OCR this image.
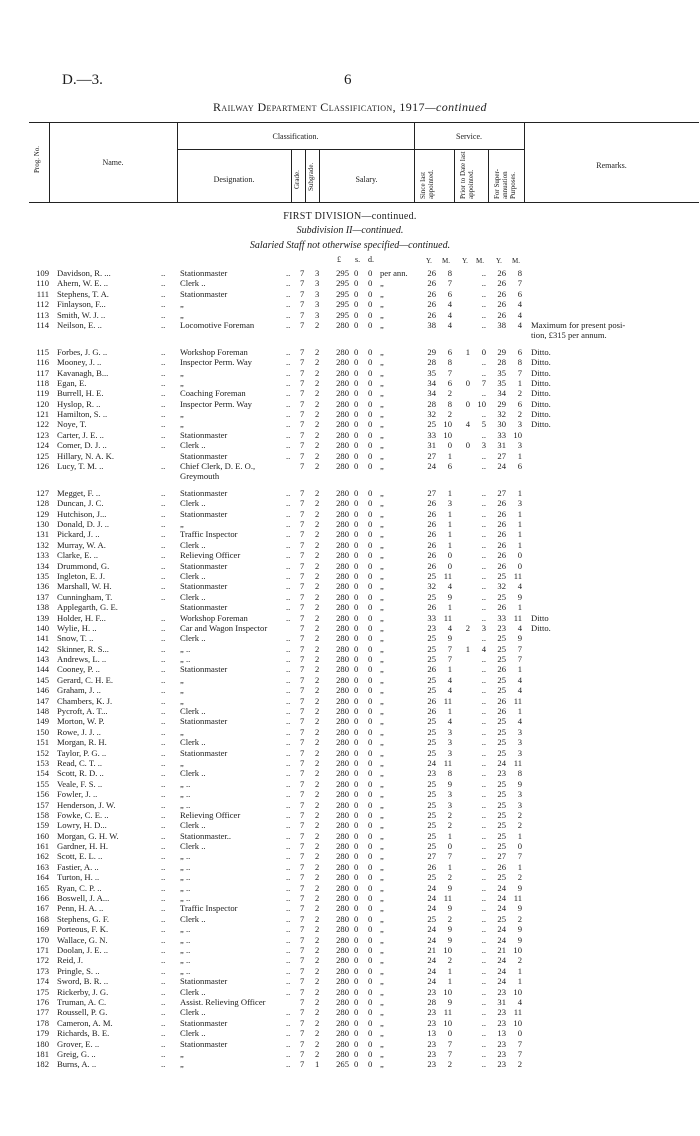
D.—3.	6
Railway Department Classification, 1917—continued
Prog. No.	Name.
Classification.	Service.
Designation.	Grade. Subgrade.	Salary.	Since last appointed.	Prior to Date last appointed.	For Super-annuation Purposes.
Remarks.
FIRST DIVISION—continued.
Subdivision II—continued.
Salaried Staff not otherwise specified—continued.
£ s. d.	Y. M. Y. M. Y. M.
109 Davidson, R. ...	.. Stationmaster	.. 7 3	295 0 0 per ann.	26	8	..	26	8
110 Ahern, W. E. ..	.. Clerk ..	.. 7 3	295 0 0 „	26	7	..	26	7
111 Stephens, T. A.	.. Stationmaster	.. 7 3	295 0 0 „	26	6	..	26	6
112 Finlayson, F...	.. „	.. 7 3	295 0 0 „	26	4	..	26	4
113 Smith, W. J. ..	.. „	.. 7 3	295 0 0 „	26	4	..	26	4
114 Neilson, E. ..	.. Locomotive Foreman	.. 7 2	280 0 0 „	38	4	..	38	4 Maximum for present posi-
tion, £315 per annum.
115 Forbes, J. G. ..	.. Workshop Foreman	.. 7 2	280 0 0 „	29	6	1	0	29	6 Ditto.
116 Mooney, J. ..	.. Inspector Perm. Way	.. 7 2	280 0 0 „	28	8	..	28	8 Ditto.
117 Kavanagh, B...	.. „	.. 7 2	280 0 0 „	35	7	..	35	7 Ditto.
118 Egan, E.	.. „	.. 7 2	280 0 0 „	34	6	0	7	35	1 Ditto.
119 Burrell, H. E.	.. Coaching Foreman	.. 7 2	280 0 0 „	34	2	..	34	2 Ditto.
120 Hyslop, R. ..	.. Inspector Perm. Way	.. 7 2	280 0 0 „	28	8	0 10	29	6 Ditto.
121 Hamilton, S. ..	.. „	.. 7 2	280 0 0 „	32	2	..	32	2 Ditto.
122 Noye, T.	.. „	.. 7 2	280 0 0 „	25 10	4	5	30	3 Ditto.
123 Carter, J. E. ..	.. Stationmaster	.. 7 2	280 0 0 „	33 10	..	33 10
124 Comer, D. J. ..	.. Clerk ..	.. 7 2	280 0 0 „	31	0	0	3	31	3
125 Hillary, N. A. K.	Stationmaster	.. 7 2	280 0 0 „	27	1	..	27	1
126 Lucy, T. M. ..	.. Chief Clerk, D. E. O.,	7 2	280 0 0 „	24	6	..	24	6
Greymouth
127 Megget, F. ..	.. Stationmaster	.. 7 2	280 0 0 „	27	1	..	27	1
128 Duncan, J. C.	.. Clerk ..	.. 7 2	280 0 0 „	26	3	..	26	3
129 Hutchison, J...	.. Stationmaster	.. 7 2	280 0 0 „	26	1	..	26	1
130 Donald, D. J. ..	.. „	.. 7 2	280 0 0 „	26	1	..	26	1
131 Pickard, J. ..	.. Traffic Inspector	.. 7 2	280 0 0 „	26	1	..	26	1
132 Murray, W. A.	.. Clerk ..	.. 7 2	280 0 0 „	26	1	..	26	1
133 Clarke, E. ..	.. Relieving Officer	.. 7 2	280 0 0 „	26	0	..	26	0
134 Drummond, G.	.. Stationmaster	.. 7 2	280 0 0 „	26	0	..	26	0
135 Ingleton, E. J.	.. Clerk ..	.. 7 2	280 0 0 „	25 11	..	25 11
136 Marshall, W. H.	.. Stationmaster	.. 7 2	280 0 0 „	32	4	..	32	4
137 Cunningham, T.	.. Clerk ..	.. 7 2	280 0 0 „	25	9	..	25	9
138 Applegarth, G. E.	Stationmaster	.. 7 2	280 0 0 „	26	1	..	26	1
139 Holder, H. F...	.. Workshop Foreman	.. 7 2	280 0 0 „	33 11	..	33 11 Ditto
140 Wylie, H. ..	.. Car and Wagon Inspector	7 2	280 0 0 „	23	4	2	3	23	4 Ditto.
141 Snow, T. ..	.. Clerk ..	.. 7 2	280 0 0 „	25	9	..	25	9
142 Skinner, R. S...	.. „ ..	.. 7 2	280 0 0 „	25	7	1	4	25	7
143 Andrews, L. ..	.. „ ..	.. 7 2	280 0 0 „	25	7	..	25	7
144 Cooney, P. ..	.. Stationmaster	.. 7 2	280 0 0 „	26	1	..	26	1
145 Gerard, C. H. E.	.. „	.. 7 2	280 0 0 „	25	4	..	25	4
146 Graham, J. ..	.. „	.. 7 2	280 0 0 „	25	4	..	25	4
147 Chambers, K. J.	.. „	.. 7 2	280 0 0 „	26 11	..	26 11
148 Pycroft, A. T...	.. Clerk ..	.. 7 2	280 0 0 „	26	1	..	26	1
149 Morton, W. P.	.. Stationmaster	.. 7 2	280 0 0 „	25	4	..	25	4
150 Rowe, J. J. ..	.. „	.. 7 2	280 0 0 „	25	3	..	25	3
151 Morgan, R. H.	.. Clerk ..	.. 7 2	280 0 0 „	25	3	..	25	3
152 Taylor, P. G. ..	.. Stationmaster	.. 7 2	280 0 0 „	25	3	..	25	3
153 Read, C. T. ..	.. „	.. 7 2	280 0 0 „	24 11	..	24 11
154 Scott, R. D. ..	.. Clerk ..	.. 7 2	280 0 0 „	23	8	..	23	8
155 Veale, F. S. ..	.. „ ..	.. 7 2	280 0 0 „	25	9	..	25	9
156 Fowler, J. ..	.. „ ..	.. 7 2	280 0 0 „	25	3	..	25	3
157 Henderson, J. W.	.. „ ..	.. 7 2	280 0 0 „	25	3	..	25	3
158 Fowke, C. E. ..	.. Relieving Officer	.. 7 2	280 0 0 „	25	2	..	25	2
159 Lowry, H. D...	.. Clerk ..	.. 7 2	280 0 0 „	25	2	..	25	2
160 Morgan, G. H. W.	.. Stationmaster..	.. 7 2	280 0 0 „	25	1	..	25	1
161 Gardner, H. H.	.. Clerk ..	.. 7 2	280 0 0 „	25	0	..	25	0
162 Scott, E. L. ..	.. „ ..	.. 7 2	280 0 0 „	27	7	..	27	7
163 Fastier, A. ..	.. „ ..	.. 7 2	280 0 0 „	26	1	..	26	1
164 Turton, H. ..	.. „ ..	.. 7 2	280 0 0 „	25	2	..	25	2
165 Ryan, C. P. ..	.. „ ..	.. 7 2	280 0 0 „	24	9	..	24	9
166 Boswell, J. A...	.. „ ..	.. 7 2	280 0 0 „	24 11	..	24 11
167 Penn, H. A. ..	.. Traffic Inspector	.. 7 2	280 0 0 „	24	9	..	24	9
168 Stephens, G. F.	.. Clerk ..	.. 7 2	280 0 0 „	25	2	..	25	2
169 Porteous, F. K.	.. „ ..	.. 7 2	280 0 0 „	24	9	..	24	9
170 Wallace, G. N.	.. „ ..	.. 7 2	280 0 0 „	24	9	..	24	9
171 Doolan, J. E. ..	.. „ ..	.. 7 2	280 0 0 „	21 10	..	21 10
172 Reid, J.	.. „ ..	.. 7 2	280 0 0 „	24	2	..	24	2
173 Pringle, S. ..	.. „ ..	.. 7 2	280 0 0 „	24	1	..	24	1
174 Sword, B. R. ..	.. Stationmaster	.. 7 2	280 0 0 „	24	1	..	24	1
175 Rickerby, J. G.	.. Clerk ..	.. 7 2	280 0 0 „	23 10	..	23 10
176 Truman, A. C.	.. Assist. Relieving Officer	7 2	280 0 0 „	28	9	..	31	4
177 Roussell, P. G.	.. Clerk ..	.. 7 2	280 0 0 „	23 11	..	23 11
178 Cameron, A. M.	.. Stationmaster	.. 7 2	280 0 0 „	23 10	..	23 10
179 Richards, B. E.	.. Clerk ..	.. 7 2	280 0 0 „	13	0	..	13	0
180 Grover, E. ..	.. Stationmaster	.. 7 2	280 0 0 „	23	7	..	23	7
181 Greig, G. ..	.. „	.. 7 2	280 0 0 „	23	7	..	23	7
182 Burns, A. ..	.. „	.. 7 1	265 0 0 „	23	2	..	23	2
